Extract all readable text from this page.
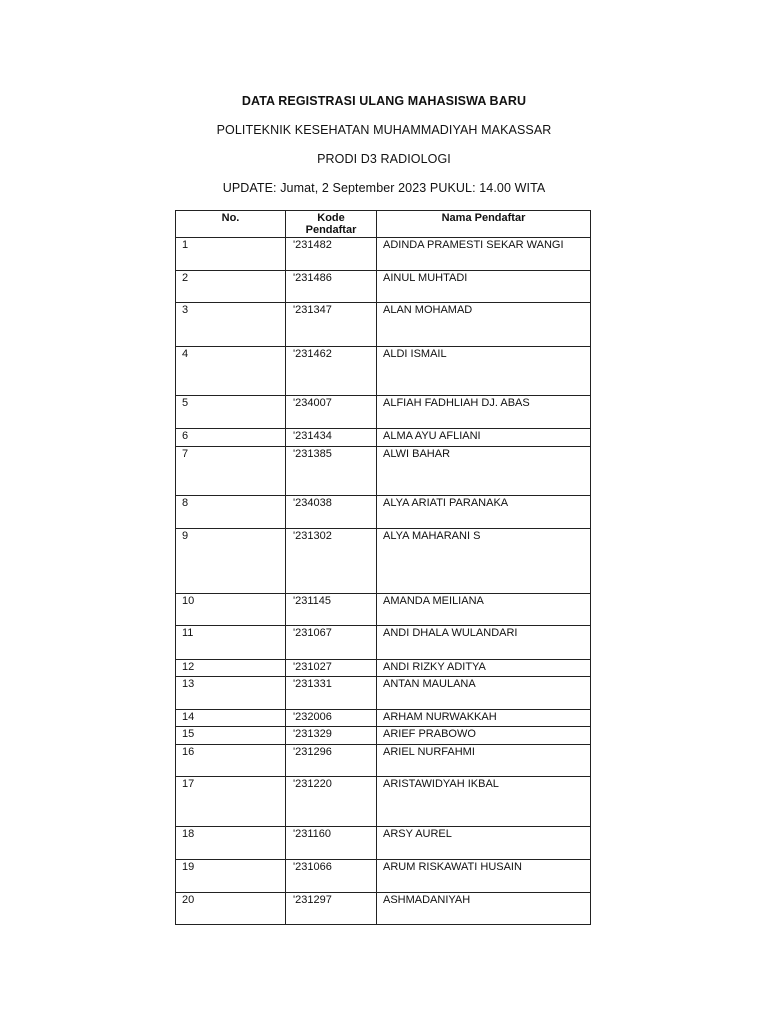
DATA REGISTRASI ULANG MAHASISWA BARU
POLITEKNIK KESEHATAN MUHAMMADIYAH MAKASSAR
PRODI D3 RADIOLOGI
UPDATE: Jumat, 2 September 2023 PUKUL: 14.00 WITA
No.	Kode Pendaftar	Nama Pendaftar
1	'231482	ADINDA PRAMESTI SEKAR WANGI
2	'231486	AINUL MUHTADI
3	'231347	ALAN MOHAMAD
4	'231462	ALDI ISMAIL
5	'234007	ALFIAH FADHLIAH DJ. ABAS
6	'231434	ALMA AYU AFLIANI
7	'231385	ALWI BAHAR
8	'234038	ALYA ARIATI PARANAKA
9	'231302	ALYA MAHARANI S
10	'231145	AMANDA MEILIANA
11	'231067	ANDI DHALA WULANDARI
12	'231027	ANDI RIZKY ADITYA
13	'231331	ANTAN MAULANA
14	'232006	ARHAM NURWAKKAH
15	'231329	ARIEF PRABOWO
16	'231296	ARIEL NURFAHMI
17	'231220	ARISTAWIDYAH IKBAL
18	'231160	ARSY AUREL
19	'231066	ARUM RISKAWATI HUSAIN
20	'231297	ASHMADANIYAH
